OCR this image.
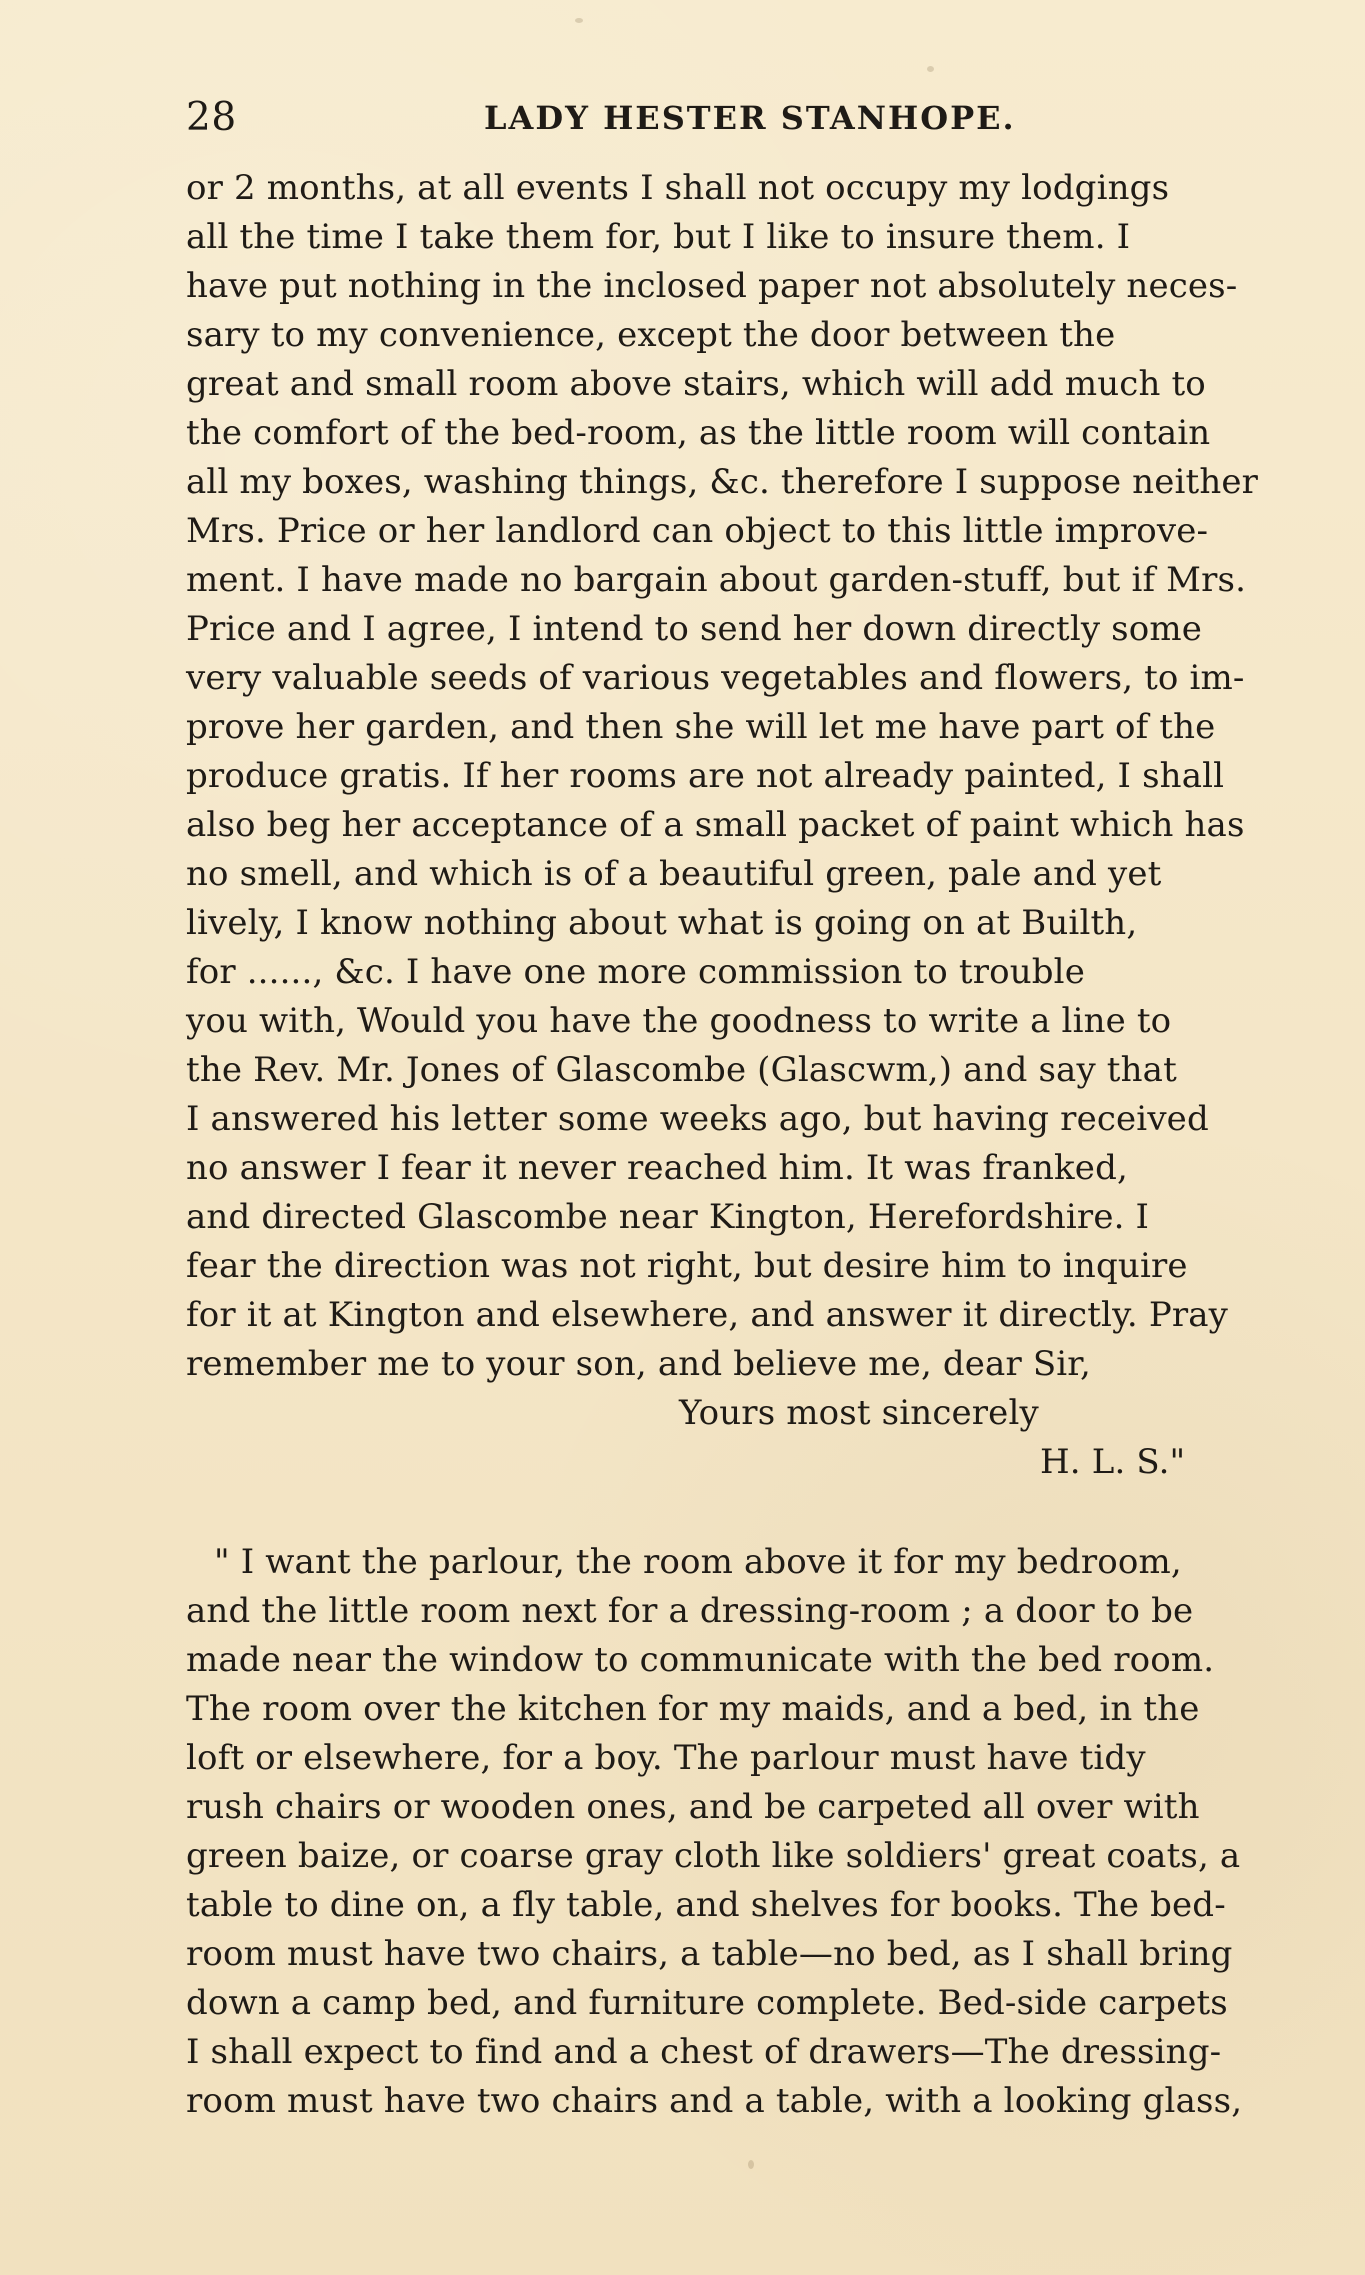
28	LADY HESTER STANHOPE.
or 2 months, at all events I shall not occupy my lodgings
all the time I take them for, but I like to insure them. I
have put nothing in the inclosed paper not absolutely neces-
sary to my convenience, except the door between the
great and small room above stairs, which will add much to
the comfort of the bed-room, as the little room will contain
all my boxes, washing things, &c. therefore I suppose neither
Mrs. Price or her landlord can object to this little improve-
ment. I have made no bargain about garden-stuff, but if Mrs.
Price and I agree, I intend to send her down directly some
very valuable seeds of various vegetables and flowers, to im-
prove her garden, and then she will let me have part of the
produce gratis. If her rooms are not already painted, I shall
also beg her acceptance of a small packet of paint which has
no smell, and which is of a beautiful green, pale and yet
lively, I know nothing about what is going on at Builth,
for ......, &c. I have one more commission to trouble
you with, Would you have the goodness to write a line to
the Rev. Mr. Jones of Glascombe (Glascwm,) and say that
I answered his letter some weeks ago, but having received
no answer I fear it never reached him. It was franked,
and directed Glascombe near Kington, Herefordshire. I
fear the direction was not right, but desire him to inquire
for it at Kington and elsewhere, and answer it directly. Pray
remember me to your son, and believe me, dear Sir,
Yours most sincerely
H. L. S."
" I want the parlour, the room above it for my bedroom,
and the little room next for a dressing-room ; a door to be
made near the window to communicate with the bed room.
The room over the kitchen for my maids, and a bed, in the
loft or elsewhere, for a boy. The parlour must have tidy
rush chairs or wooden ones, and be carpeted all over with
green baize, or coarse gray cloth like soldiers' great coats, a
table to dine on, a fly table, and shelves for books. The bed-
room must have two chairs, a table—no bed, as I shall bring
down a camp bed, and furniture complete. Bed-side carpets
I shall expect to find and a chest of drawers—The dressing-
room must have two chairs and a table, with a looking glass,
